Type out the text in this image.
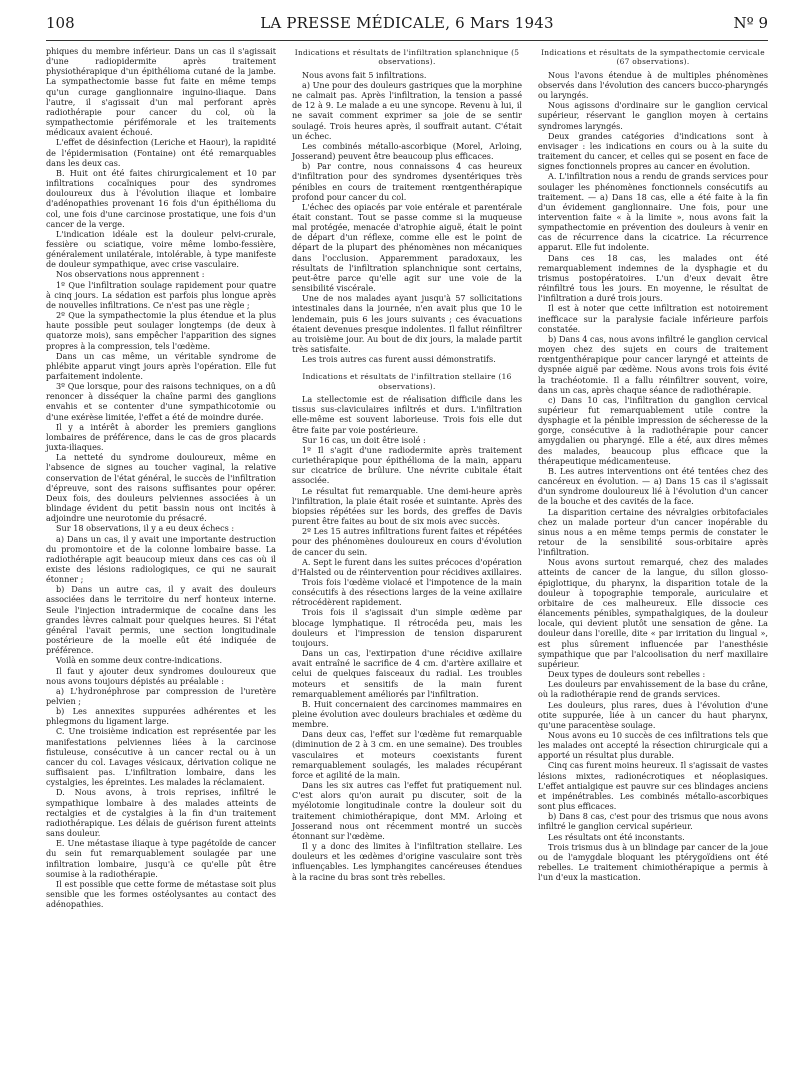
108	LA PRESSE MÉDICALE, 6 Mars 1943	Nº 9

phiques du membre inférieur. Dans un cas il s'agissait d'une radiopidermite après traitement physiothérapique d'un épithélioma cutané de la jambe. La sympathectomie basse fut faite en même temps qu'un curage ganglionnaire inguino-iliaque. Dans l'autre, il s'agissait d'un mal perforant après radiothérapie pour cancer du col, où la sympathectomie périfémorale et les traitements médicaux avaient échoué.

L'effet de désinfection (Leriche et Haour), la rapidité de l'épidermisation (Fontaine) ont été remarquables dans les deux cas.

B. Huit ont été faites chirurgicalement et 10 par infiltrations cocaïniques pour des syndromes douloureux dus à l'évolution iliaque et lombaire d'adénopathies provenant 16 fois d'un épithélioma du col, une fois d'une carcinose prostatique, une fois d'un cancer de la verge.

L'indication idéale est la douleur pelvi-crurale, fessière ou sciatique, voire même lombo-fessière, généralement unilatérale, intolérable, à type manifeste de douleur sympathique, avec crise vasculaire.

Nos observations nous apprennent :

1º Que l'infiltration soulage rapidement pour quatre à cinq jours. La sédation est parfois plus longue après de nouvelles infiltrations. Ce n'est pas une règle ;

2º Que la sympathectomie la plus étendue et la plus haute possible peut soulager longtemps (de deux à quatorze mois), sans empêcher l'apparition des signes propres à la compression, tels l'œdème.

Dans un cas même, un véritable syndrome de phlébite apparut vingt jours après l'opération. Elle fut parfaitement indolente.

3º Que lorsque, pour des raisons techniques, on a dû renoncer à disséquer la chaîne parmi des ganglions envahis et se contenter d'une sympathicotomie ou d'une exérèse limitée, l'effet a été de moindre durée.

Il y a intérêt à aborder les premiers ganglions lombaires de préférence, dans le cas de gros placards juxta-iliaques.

La netteté du syndrome douloureux, même en l'absence de signes au toucher vaginal, la relative conservation de l'état général, le succès de l'infiltration d'épreuve, sont des raisons suffisantes pour opérer. Deux fois, des douleurs pelviennes associées à un blindage évident du petit bassin nous ont incités à adjoindre une neurotomie du présacré.

Sur 18 observations, il y a eu deux échecs :

a) Dans un cas, il y avait une importante destruction du promontoire et de la colonne lombaire basse. La radiothérapie agit beaucoup mieux dans ces cas où il existe des lésions radiologiques, ce qui ne saurait étonner ;

b) Dans un autre cas, il y avait des douleurs associées dans le territoire du nerf honteux interne. Seule l'injection intradermique de cocaïne dans les grandes lèvres calmait pour quelques heures. Si l'état général l'avait permis, une section longitudinale postérieure de la moelle eût été indiquée de préférence.

Voilà en somme deux contre-indications.

Il faut y ajouter deux syndromes douloureux que nous avons toujours dépistés au préalable :

a) L'hydronéphrose par compression de l'uretère pelvien ;

b) Les annexites suppurées adhérentes et les phlegmons du ligament large.

C. Une troisième indication est représentée par les manifestations pelviennes liées à la carcinose fistuleuse, consécutive à un cancer rectal ou à un cancer du col. Lavages vésicaux, dérivation colique ne suffisaient pas. L'infiltration lombaire, dans les cystalgies, les épreintes. Les malades la réclamaient.

D. Nous avons, à trois reprises, infiltré le sympathique lombaire à des malades atteints de rectalgies et de cystalgies à la fin d'un traitement radiothérapique. Les délais de guérison furent atteints sans douleur.

E. Une métastase iliaque à type pagétoïde de cancer du sein fut remarquablement soulagée par une infiltration lombaire, jusqu'à ce qu'elle pût être soumise à la radiothérapie.

Il est possible que cette forme de métastase soit plus sensible que les formes ostéolysantes au contact des adénopathies.

Indications et résultats de l'infiltration splanchnique (5 observations).

Nous avons fait 5 infiltrations.

a) Une pour des douleurs gastriques que la morphine ne calmait pas. Après l'infiltration, la tension a passé de 12 à 9. Le malade a eu une syncope. Revenu à lui, il ne savait comment exprimer sa joie de se sentir soulagé. Trois heures après, il souffrait autant. C'était un échec.

Les combinés métallo-ascorbique (Morel, Arloing, Josserand) peuvent être beaucoup plus efficaces.

b) Par contre, nous connaissons 4 cas heureux d'infiltration pour des syndromes dysentériques très pénibles en cours de traitement rœntgenthérapique profond pour cancer du col.

L'échec des opiacés par voie entérale et parentérale était constant. Tout se passe comme si la muqueuse mal protégée, menacée d'atrophie aiguë, était le point de départ d'un réflexe, comme elle est le point de départ de la plupart des phénomènes non mécaniques dans l'occlusion. Apparemment paradoxaux, les résultats de l'infiltration splanchnique sont certains, peut-être parce qu'elle agit sur une voie de la sensibilité viscérale.

Une de nos malades ayant jusqu'à 57 sollicitations intestinales dans la journée, n'en avait plus que 10 le lendemain, puis 6 les jours suivants ; ces évacuations étaient devenues presque indolentes. Il fallut réinfiltrer au troisième jour. Au bout de dix jours, la malade partit très satisfaite.

Les trois autres cas furent aussi démonstratifs.

Indications et résultats de l'infiltration stellaire (16 observations).

La stellectomie est de réalisation difficile dans les tissus sus-claviculaires infiltrés et durs. L'infiltration elle-même est souvent laborieuse. Trois fois elle dut être faite par voie postérieure.

Sur 16 cas, un doit être isolé :

1º Il s'agit d'une radiodermite après traitement curiethérapique pour épithélioma de la main, apparu sur cicatrice de brûlure. Une névrite cubitale était associée.

Le résultat fut remarquable. Une demi-heure après l'infiltration, la plaie était rosée et suintante. Après des biopsies répétées sur les bords, des greffes de Davis purent être faites au bout de six mois avec succès.

2º Les 15 autres infiltrations furent faites et répétées pour des phénomènes douloureux en cours d'évolution de cancer du sein.

A. Sept le furent dans les suites précoces d'opération d'Halsted ou de réintervention pour récidives axillaires.

Trois fois l'œdème violacé et l'impotence de la main consécutifs à des résections larges de la veine axillaire rétrocédèrent rapidement.

Trois fois il s'agissait d'un simple œdème par blocage lymphatique. Il rétrocéda peu, mais les douleurs et l'impression de tension disparurent toujours.

Dans un cas, l'extirpation d'une récidive axillaire avait entraîné le sacrifice de 4 cm. d'artère axillaire et celui de quelques faisceaux du radial. Les troubles moteurs et sensitifs de la main furent remarquablement améliorés par l'infiltration.

B. Huit concernaient des carcinomes mammaires en pleine évolution avec douleurs brachiales et œdème du membre.

Dans deux cas, l'effet sur l'œdème fut remarquable (diminution de 2 à 3 cm. en une semaine). Des troubles vasculaires et moteurs coexistants furent remarquablement soulagés, les malades récupérant force et agilité de la main.

Dans les six autres cas l'effet fut pratiquement nul. C'est alors qu'on aurait pu discuter, soit de la myélotomie longitudinale contre la douleur soit du traitement chimiothérapique, dont MM. Arloing et Josserand nous ont récemment montré un succès étonnant sur l'œdème.

Il y a donc des limites à l'infiltration stellaire. Les douleurs et les œdèmes d'origine vasculaire sont très influençables. Les lymphangites cancéreuses étendues à la racine du bras sont très rebelles.

Indications et résultats de la sympathectomie cervicale (67 observations).

Nous l'avons étendue à de multiples phénomènes observés dans l'évolution des cancers bucco-pharyngés ou laryngés.

Nous agissons d'ordinaire sur le ganglion cervical supérieur, réservant le ganglion moyen à certains syndromes laryngés.

Deux grandes catégories d'indications sont à envisager : les indications en cours ou à la suite du traitement du cancer, et celles qui se posent en face de signes fonctionnels propres au cancer en évolution.

A. L'infiltration nous a rendu de grands services pour soulager les phénomènes fonctionnels consécutifs au traitement. — a) Dans 18 cas, elle a été faite à la fin d'un évidement ganglionnaire. Une fois, pour une intervention faite « à la limite », nous avons fait la sympathectomie en prévention des douleurs à venir en cas de récurrence dans la cicatrice. La récurrence apparut. Elle fut indolente.

Dans ces 18 cas, les malades ont été remarquablement indemnes de la dysphagie et du trismus postopératoires. L'un d'eux devait être réinfiltré tous les jours. En moyenne, le résultat de l'infiltration a duré trois jours.

Il est à noter que cette infiltration est notoirement inefficace sur la paralysie faciale inférieure parfois constatée.

b) Dans 4 cas, nous avons infiltré le ganglion cervical moyen chez des sujets en cours de traitement rœntgenthérapique pour cancer laryngé et atteints de dyspnée aiguë par œdème. Nous avons trois fois évité la trachéotomie. Il a fallu réinfiltrer souvent, voire, dans un cas, après chaque séance de radiothérapie.

c) Dans 10 cas, l'infiltration du ganglion cervical supérieur fut remarquablement utile contre la dysphagie et la pénible impression de sécheresse de la gorge, consécutive à la radiothérapie pour cancer amygdalien ou pharyngé. Elle a été, aux dires mêmes des malades, beaucoup plus efficace que la thérapeutique médicamenteuse.

B. Les autres interventions ont été tentées chez des cancéreux en évolution. — a) Dans 15 cas il s'agissait d'un syndrome douloureux lié à l'évolution d'un cancer de la bouche et des cavités de la face.

La disparition certaine des névralgies orbitofaciales chez un malade porteur d'un cancer inopérable du sinus nous a en même temps permis de constater le retour de la sensibilité sous-orbitaire après l'infiltration.

Nous avons surtout remarqué, chez des malades atteints de cancer de la langue, du sillon glosso-épiglottique, du pharynx, la disparition totale de la douleur à topographie temporale, auriculaire et orbitaire de ces malheureux. Elle dissocie ces élancements pénibles, sympathalgiques, de la douleur locale, qui devient plutôt une sensation de gêne. La douleur dans l'oreille, dite « par irritation du lingual », est plus sûrement influencée par l'anesthésie sympathique que par l'alcoolisation du nerf maxillaire supérieur.

Deux types de douleurs sont rebelles :

Les douleurs par envahissement de la base du crâne, où la radiothérapie rend de grands services.

Les douleurs, plus rares, dues à l'évolution d'une otite suppurée, liée à un cancer du haut pharynx, qu'une paracentèse soulage.

Nous avons eu 10 succès de ces infiltrations tels que les malades ont accepté la résection chirurgicale qui a apporté un résultat plus durable.

Cinq cas furent moins heureux. Il s'agissait de vastes lésions mixtes, radionécrotiques et néoplasiques. L'effet antialgique est pauvre sur ces blindages anciens et impénétrables. Les combinés métallo-ascorbiques sont plus efficaces.

b) Dans 8 cas, c'est pour des trismus que nous avons infiltré le ganglion cervical supérieur.

Les résultats ont été inconstants.

Trois trismus dus à un blindage par cancer de la joue ou de l'amygdale bloquant les ptérygoïdiens ont été rebelles. Le traitement chimiothérapique a permis à l'un d'eux la mastication.
